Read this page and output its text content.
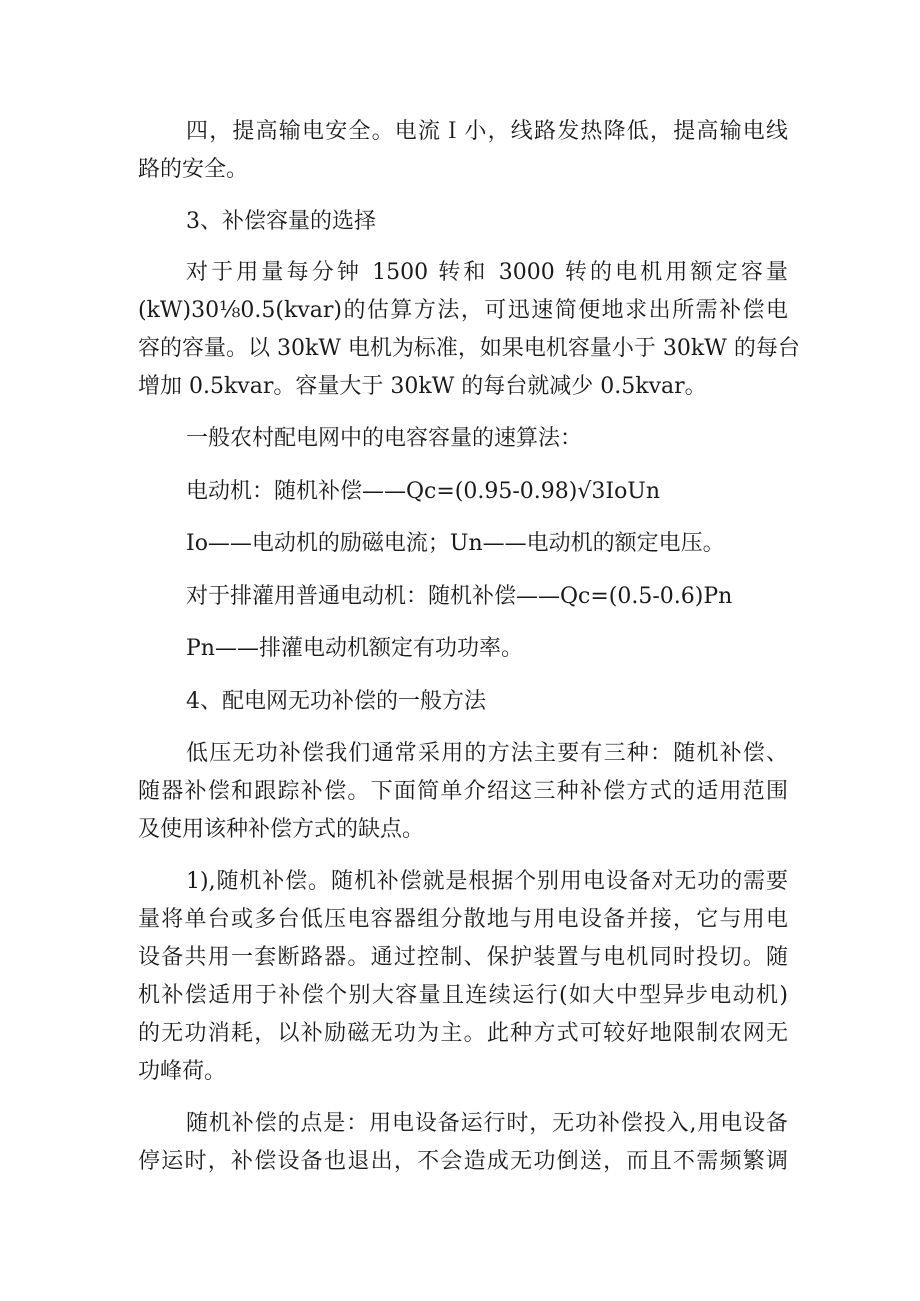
四，提高输电安全。电流Ｉ小，线路发热降低，提高输电线
路的安全。
3、补偿容量的选择
对于用量每分钟 1500 转和 3000 转的电机用额定容量
(kW)30⅛0.5(kvar)的估算方法，可迅速简便地求出所需补偿电
容的容量。以 30kW 电机为标准，如果电机容量小于 30kW 的每台
增加 0.5kvar。容量大于 30kW 的每台就减少 0.5kvar。
一般农村配电网中的电容容量的速算法：
电动机：随机补偿——Qc=(0.95-0.98)√3IoUn
Io——电动机的励磁电流；Un——电动机的额定电压。
对于排灌用普通电动机：随机补偿——Qc=(0.5-0.6)Pn
Pn——排灌电动机额定有功功率。
4、配电网无功补偿的一般方法
低压无功补偿我们通常采用的方法主要有三种：随机补偿、
随器补偿和跟踪补偿。下面简单介绍这三种补偿方式的适用范围
及使用该种补偿方式的缺点。
1),随机补偿。随机补偿就是根据个别用电设备对无功的需要
量将单台或多台低压电容器组分散地与用电设备并接，它与用电
设备共用一套断路器。通过控制、保护装置与电机同时投切。随
机补偿适用于补偿个别大容量且连续运行(如大中型异步电动机)
的无功消耗，以补励磁无功为主。此种方式可较好地限制农网无
功峰荷。
随机补偿的点是：用电设备运行时，无功补偿投入,用电设备
停运时，补偿设备也退出，不会造成无功倒送，而且不需频繁调
